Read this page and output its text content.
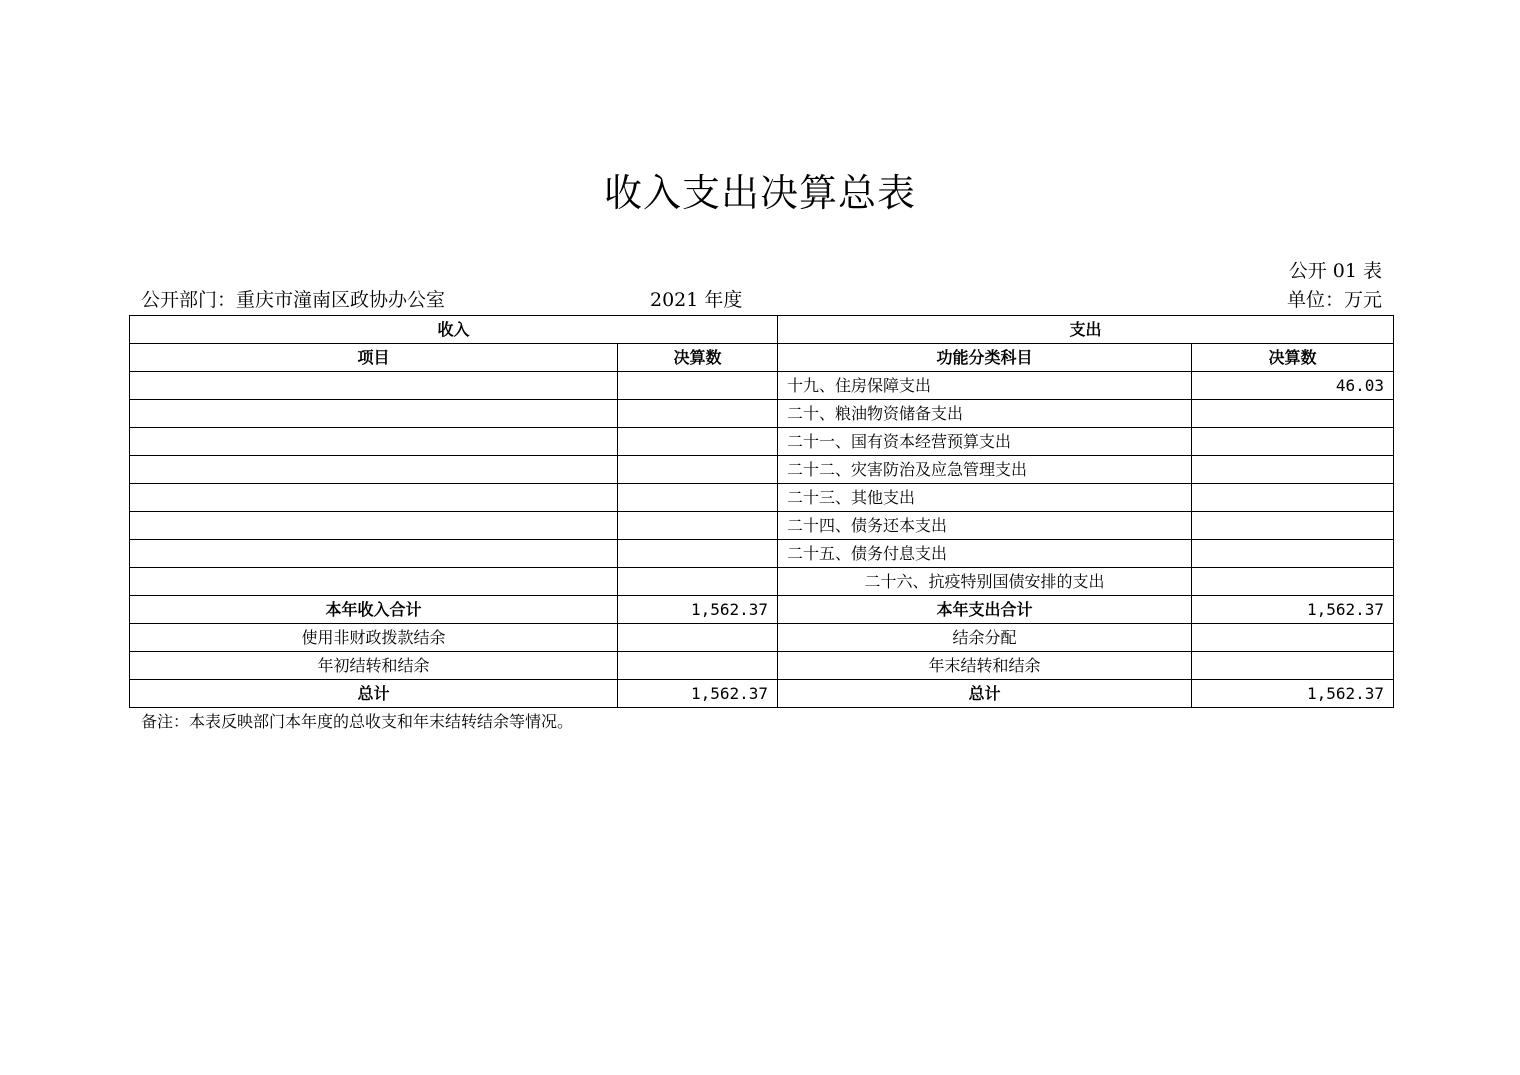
收入支出决算总表
公开 01 表
公开部门：重庆市潼南区政协办公室	2021 年度	单位：万元
收入		支出	
项目	决算数	功能分类科目	决算数
		十九、住房保障支出	46.03
		二十、粮油物资储备支出	
		二十一、国有资本经营预算支出	
		二十二、灾害防治及应急管理支出	
		二十三、其他支出	
		二十四、债务还本支出	
		二十五、债务付息支出	
		二十六、抗疫特别国债安排的支出	
本年收入合计	1,562.37	本年支出合计	1,562.37
使用非财政拨款结余		结余分配	
年初结转和结余		年末结转和结余	
总计	1,562.37	总计	1,562.37
备注：本表反映部门本年度的总收支和年末结转结余等情况。
